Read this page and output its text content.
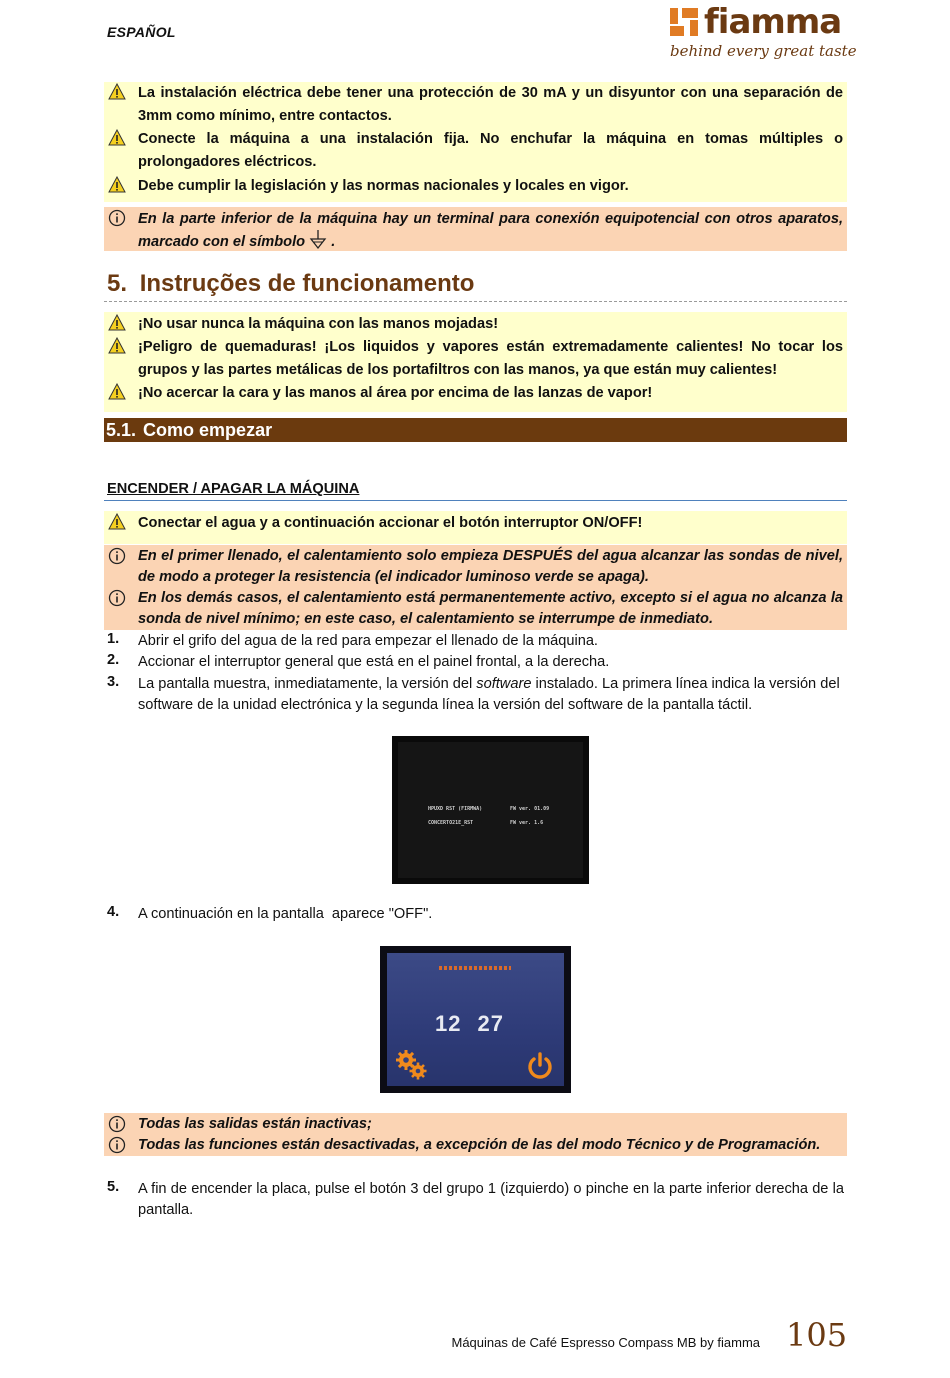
ESPAÑOL	fiamma
behind every great taste
La instalación eléctrica debe tener una protección de 30 mA y un disyuntor con una separación de 3mm como mínimo, entre contactos.
Conecte la máquina a una instalación fija. No enchufar la máquina en tomas múltiples o prolongadores eléctricos.
Debe cumplir la legislación y las normas nacionales y locales en vigor.
En la parte inferior de la máquina hay un terminal para conexión equipotencial con otros aparatos, marcado con el símbolo .
5. Instruções de funcionamento
¡No usar nunca la máquina con las manos mojadas!
¡Peligro de quemaduras! ¡Los liquidos y vapores están extremadamente calientes! No tocar los grupos y las partes metálicas de los portafiltros con las manos, ya que están muy calientes!
¡No acercar la cara y las manos al área por encima de las lanzas de vapor!
5.1. Como empezar
ENCENDER / APAGAR LA MÁQUINA
Conectar el agua y a continuación accionar el botón interruptor ON/OFF!
En el primer llenado, el calentamiento solo empieza DESPUÉS del agua alcanzar las sondas de nivel, de modo a proteger la resistencia (el indicador luminoso verde se apaga).
En los demás casos, el calentamiento está permanentemente activo, excepto si el agua no alcanza la sonda de nivel mínimo; en este caso, el calentamiento se interrumpe de inmediato.
1. Abrir el grifo del agua de la red para empezar el llenado de la máquina.
2. Accionar el interruptor general que está en el painel frontal, a la derecha.
3. La pantalla muestra, inmediatamente, la versión del software instalado. La primera línea indica la versión del software de la unidad electrónica y la segunda línea la versión del software de la pantalla táctil.
HPUXD RST (FIRMWA)	FW ver. 01.09
CONCERTO21E_RST	FW ver. 1.6
4. A continuación en la pantalla  aparece "OFF".
12 27
Todas las salidas están inactivas;
Todas las funciones están desactivadas, a excepción de las del modo Técnico y de Programación.
5. A fin de encender la placa, pulse el botón 3 del grupo 1 (izquierdo) o pinche en la parte inferior derecha de la pantalla.
Máquinas de Café Espresso Compass MB by fiamma 105
